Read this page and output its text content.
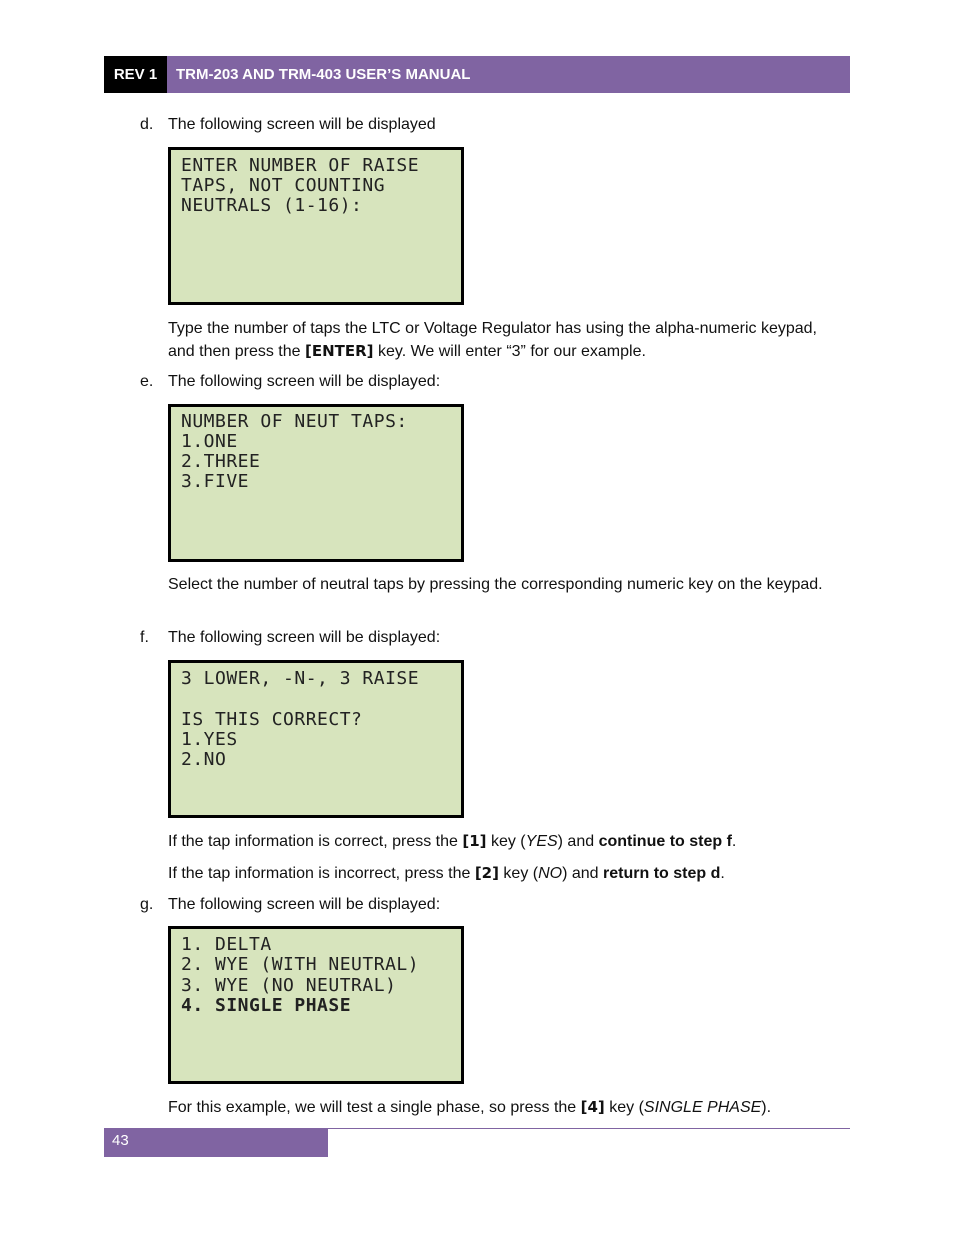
REV 1	TRM-203 AND TRM-403 USER’S MANUAL
d. The following screen will be displayed
ENTER NUMBER OF RAISE
TAPS, NOT COUNTING
NEUTRALS (1-16):

Type the number of taps the LTC or Voltage Regulator has using the alpha-numeric keypad, and then press the [ENTER] key. We will enter “3” for our example.

e. The following screen will be displayed:
NUMBER OF NEUT TAPS:
1.ONE
2.THREE
3.FIVE

Select the number of neutral taps by pressing the corresponding numeric key on the keypad.

f.	The following screen will be displayed:
3 LOWER, -N-, 3 RAISE
IS THIS CORRECT?
1.YES
2.NO

If the tap information is correct, press the [1] key (YES) and continue to step f.

If the tap information is incorrect, press the [2] key (NO) and return to step d.

g. The following screen will be displayed:
1. DELTA
2. WYE (WITH NEUTRAL)
3. WYE (NO NEUTRAL)
4. SINGLE PHASE

For this example, we will test a single phase, so press the [4] key (SINGLE PHASE).

43
